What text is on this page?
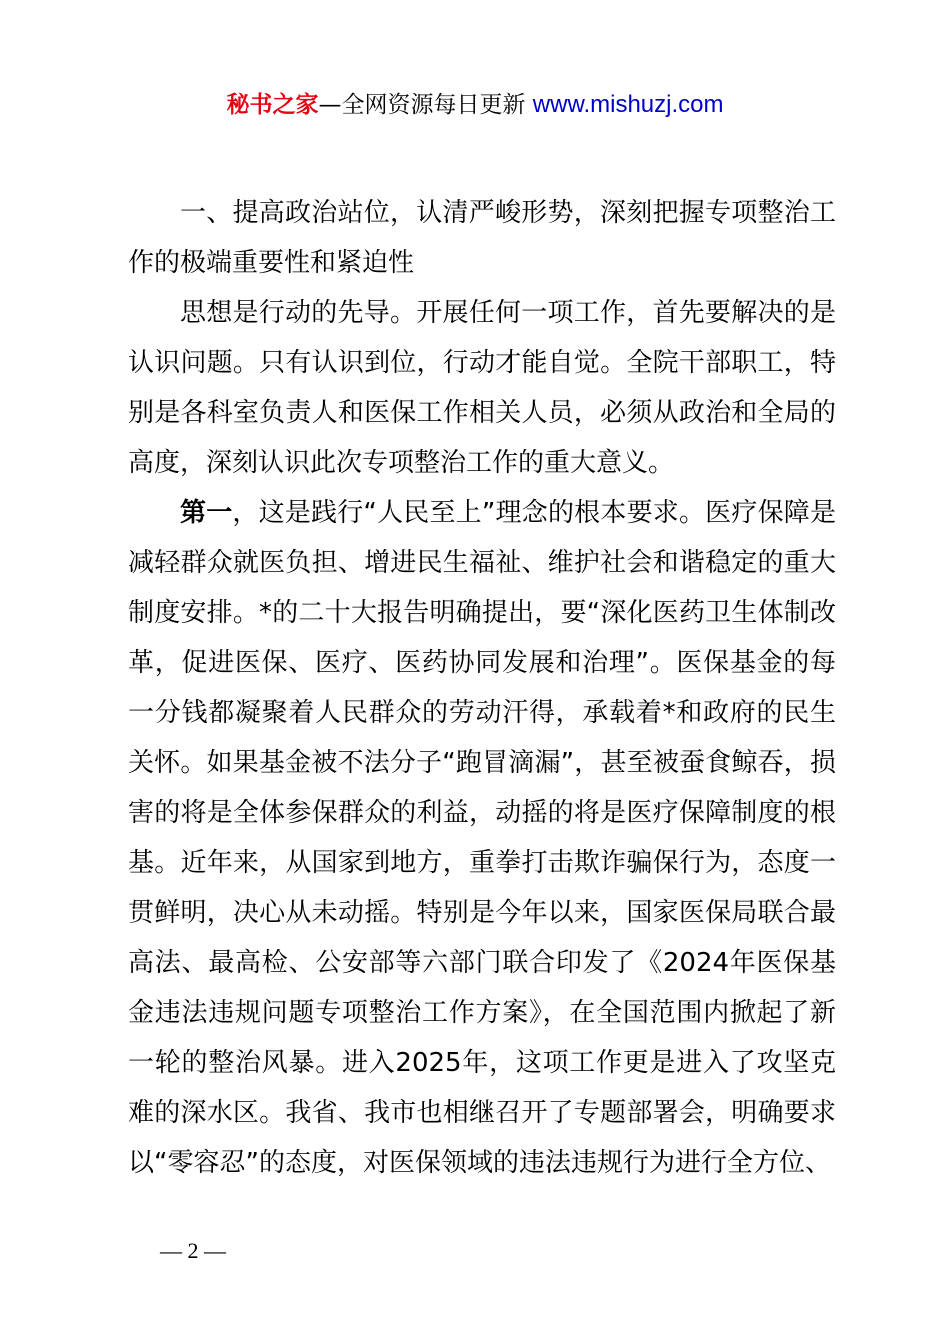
秘书之家—全网资源每日更新 www.mishuzj.com

一、提高政治站位，认清严峻形势，深刻把握专项整治工作的极端重要性和紧迫性

思想是行动的先导。开展任何一项工作，首先要解决的是认识问题。只有认识到位，行动才能自觉。全院干部职工，特别是各科室负责人和医保工作相关人员，必须从政治和全局的高度，深刻认识此次专项整治工作的重大意义。

第一，这是践行“人民至上”理念的根本要求。医疗保障是减轻群众就医负担、增进民生福祉、维护社会和谐稳定的重大制度安排。*的二十大报告明确提出，要“深化医药卫生体制改革，促进医保、医疗、医药协同发展和治理”。医保基金的每一分钱都凝聚着人民群众的劳动汗得，承载着*和政府的民生关怀。如果基金被不法分子“跑冒滴漏”，甚至被蚕食鲸吞，损害的将是全体参保群众的利益，动摇的将是医疗保障制度的根基。近年来，从国家到地方，重拳打击欺诈骗保行为，态度一贯鲜明，决心从未动摇。特别是今年以来，国家医保局联合最高法、最高检、公安部等六部门联合印发了《2024年医保基金违法违规问题专项整治工作方案》，在全国范围内掀起了新一轮的整治风暴。进入2025年，这项工作更是进入了攻坚克难的深水区。我省、我市也相继召开了专题部署会，明确要求以“零容忍”的态度，对医保领域的违法违规行为进行全方位、

— 2 —
